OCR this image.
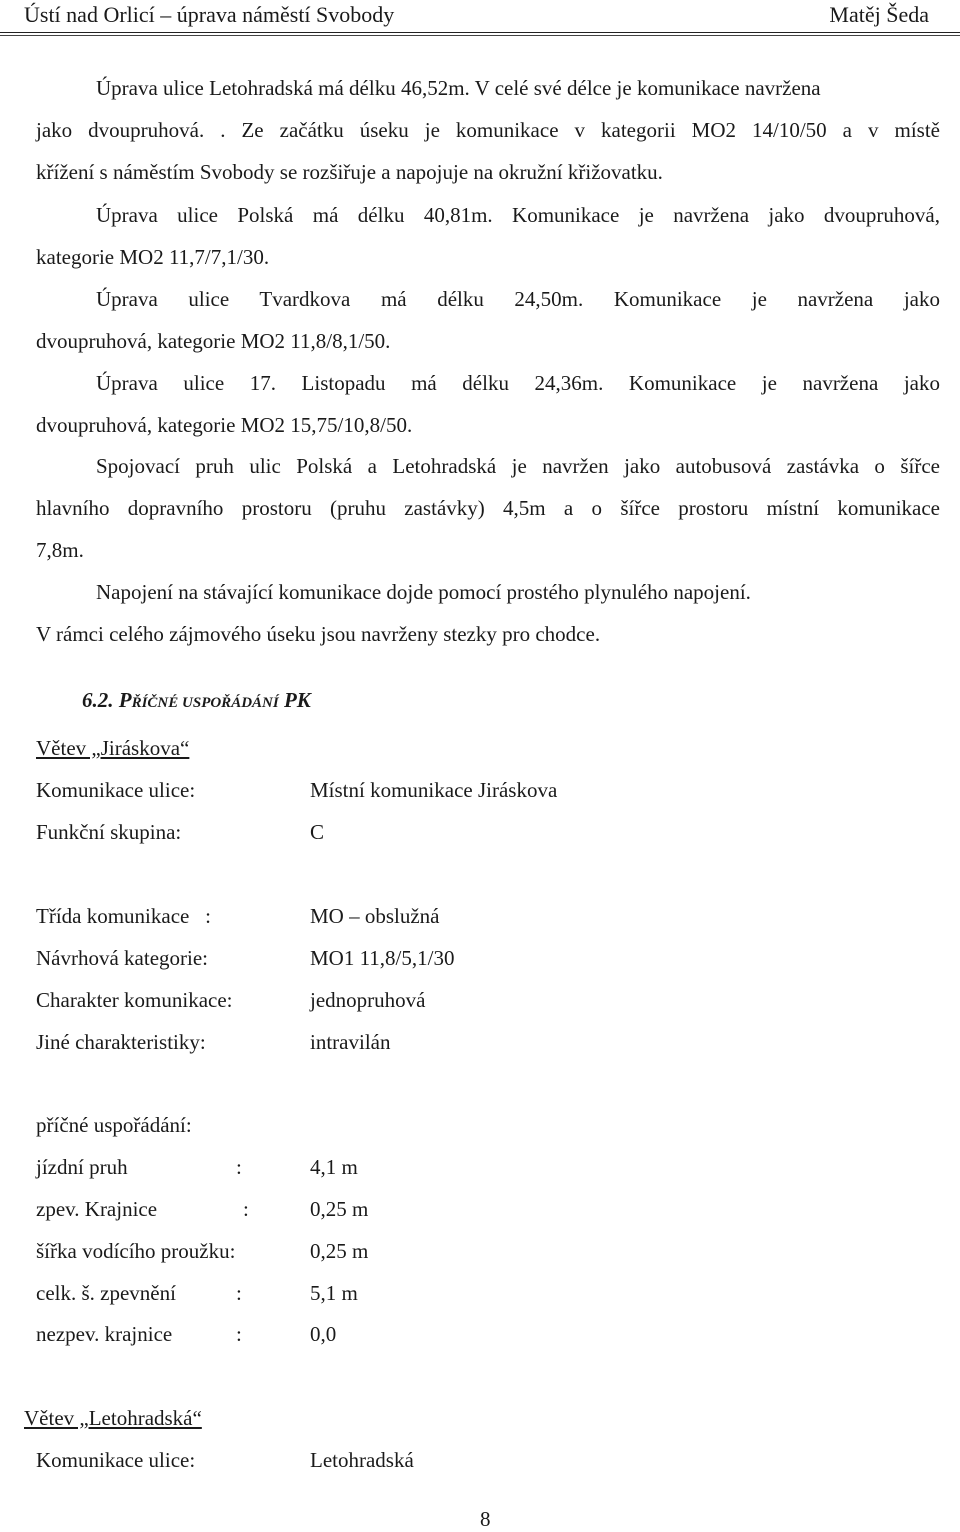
Ústí nad Orlicí – úprava náměstí Svobody	Matěj Šeda
Úprava ulice Letohradská má délku 46,52m. V celé své délce je komunikace navržena
jako dvoupruhová. . Ze začátku úseku je komunikace v kategorii MO2 14/10/50 a v místě
křížení s náměstím Svobody se rozšiřuje a napojuje na okružní křižovatku.
Úprava ulice Polská má délku 40,81m. Komunikace je navržena jako dvoupruhová,
kategorie MO2 11,7/7,1/30.
Úprava ulice Tvardkova má délku 24,50m. Komunikace je navržena jako
dvoupruhová, kategorie MO2 11,8/8,1/50.
Úprava ulice 17. Listopadu má délku 24,36m. Komunikace je navržena jako
dvoupruhová, kategorie MO2 15,75/10,8/50.
Spojovací pruh ulic Polská a Letohradská je navržen jako autobusová zastávka o šířce
hlavního dopravního prostoru (pruhu zastávky) 4,5m a o šířce prostoru místní komunikace
7,8m.
Napojení na stávající komunikace dojde pomocí prostého plynulého napojení.
V rámci celého zájmového úseku jsou navrženy stezky pro chodce.
6.2. PŘÍČNÉ USPOŘÁDÁNÍ PK
Větev „Jiráskova“
Komunikace ulice:	Místní komunikace Jiráskova
Funkční skupina:	C
Třída komunikace   :	MO – obslužná
Návrhová kategorie:	MO1 11,8/5,1/30
Charakter komunikace:	jednopruhová
Jiné charakteristiky:	intravilán
příčné uspořádání:
jízdní pruh	:	4,1 m
zpev. Krajnice	:	0,25 m
šířka vodícího proužku:	0,25 m
celk. š. zpevnění	:	5,1 m
nezpev. krajnice	:	0,0
Větev „Letohradská“
Komunikace ulice:	Letohradská
8
